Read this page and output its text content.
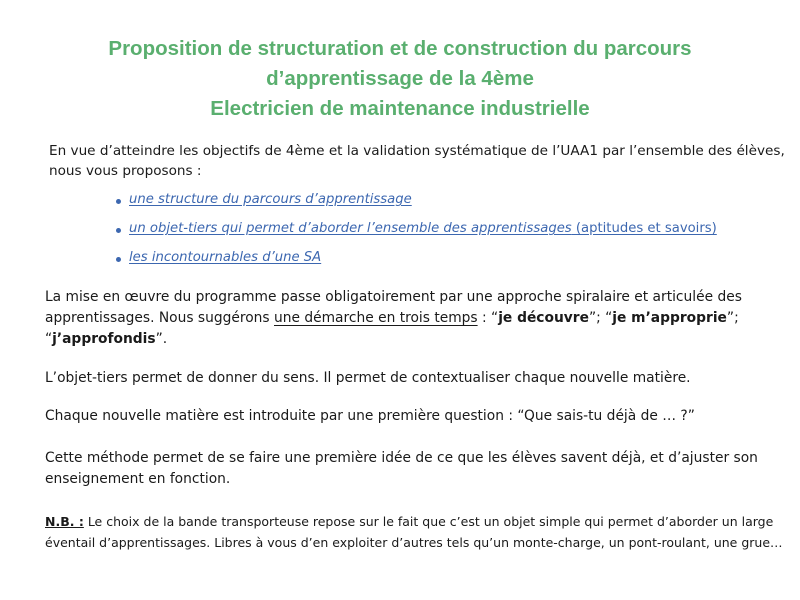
Proposition de structuration et de construction du parcours
d’apprentissage de la 4ème
Electricien de maintenance industrielle
En vue d’atteindre les objectifs de 4ème et la validation systématique de l’UAA1 par l’ensemble des élèves,
nous vous proposons :
une structure du parcours d’apprentissage
un objet-tiers qui permet d’aborder l’ensemble des apprentissages (aptitudes et savoirs)
les incontournables d’une SA
La mise en œuvre du programme passe obligatoirement par une approche spiralaire et articulée des
apprentissages. Nous suggérons une démarche en trois temps : “je découvre”; “je m’approprie”;
“j’approfondis”.
L’objet-tiers permet de donner du sens. Il permet de contextualiser chaque nouvelle matière.
Chaque nouvelle matière est introduite par une première question : “Que sais-tu déjà de … ?”
Cette méthode permet de se faire une première idée de ce que les élèves savent déjà, et d’ajuster son
enseignement en fonction.
N.B. : Le choix de la bande transporteuse repose sur le fait que c’est un objet simple qui permet d’aborder un large
éventail d’apprentissages. Libres à vous d’en exploiter d’autres tels qu’un monte-charge, un pont-roulant, une grue…
